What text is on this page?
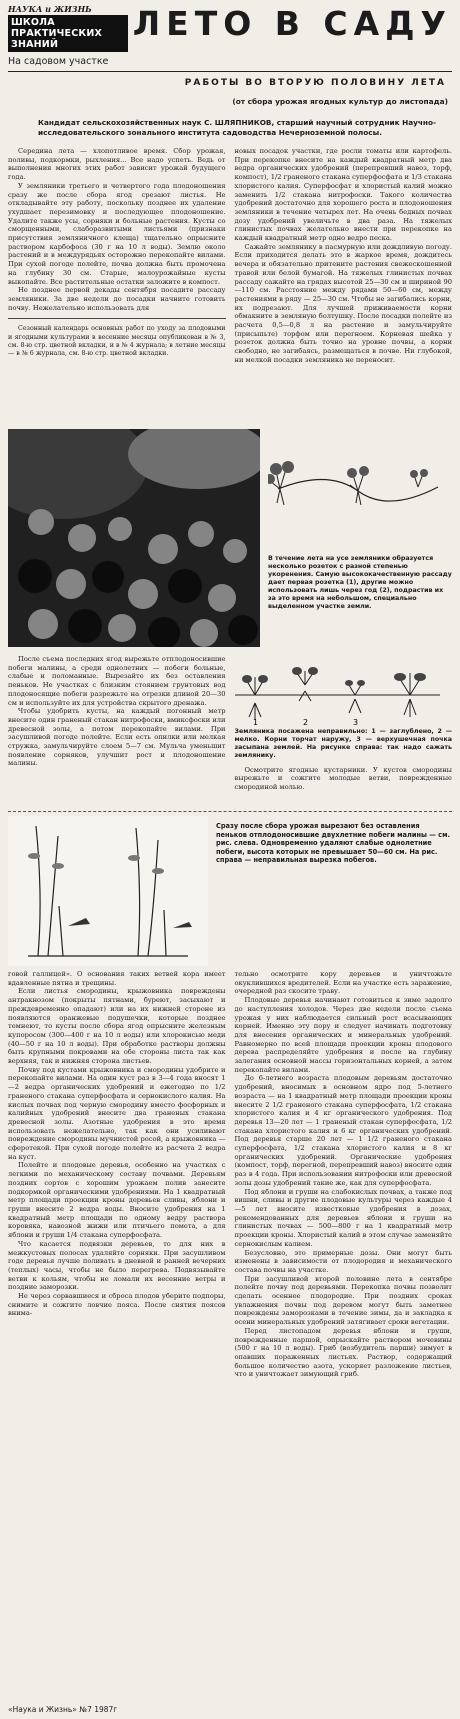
НАУКА и ЖИЗНЬ
ШКОЛА ПРАКТИЧЕСКИХ ЗНАНИЙ
На садовом участке
ЛЕТО В САДУ
РАБОТЫ ВО ВТОРУЮ ПОЛОВИНУ ЛЕТА
(от сбора урожая ягодных культур до листопада)
Кандидат сельскохозяйственных наук С. ШЛЯПНИКОВ, старший научный сотрудник Научно-исследовательского зонального института садоводства Нечерноземной полосы.

Середина лета — хлопотливое время. Сбор урожая, поливы, подкормки, рыхления... Все надо успеть. Ведь от выполнения многих этих работ зависит урожай будущего года.

У земляники третьего и четвертого года плодоношения сразу же после сбора ягод срезают листья. Не откладывайте эту работу, поскольку позднее их удаление ухудшает перезимовку и последующее плодоношение. Удалите также усы, сорняки и больные растения. Кусты со сморщенными, слаборазвитыми листьями (признаки присутствия земляничного клеща) тщательно опрысните раствором карбофоса (30 г на 10 л воды). Землю около растений и в междурядьях осторожно перекопайте вилами. При сухой погоде полейте, почва должна быть промочена на глубину 30 см. Старые, малоурожайные кусты выкопайте. Все растительные остатки заложите в компост.

Не позднее первой декады сентября посадите рассаду земляники. За две недели до посадки начните готовить почву. Нежелательно использовать для

Сезонный календарь основных работ по уходу за плодовыми и ягодными культурами в весенние месяцы опубликован в № 3, см. 8-ю стр. цветной вкладки, и в № 4 журнала; в летние месяцы — в № 6 журнала, см. 8-ю стр. цветной вкладки.

новых посадок участки, где росли томаты или картофель. При перекопке внесите на каждый квадратный метр два ведра органических удобрений (перепревший навоз, торф, компост), 1/2 граненого стакана суперфосфата и 1/3 стакана хлористого калия. Суперфосфат и хлористый калий можно заменить 1/2 стакана нитрофоски. Такого количества удобрений достаточно для хорошего роста и плодоношения земляники в течение четырех лет. На очень бедных почвах дозу удобрений увеличьте в два раза. На тяжелых глинистых почвах желательно внести при перекопке на каждый квадратный метр одно ведро песка.

Сажайте землянику в пасмурную или дождливую погоду. Если приходится делать это в жаркое время, дождитесь вечера и обязательно притените растения свежескошенной травой или белой бумагой. На тяжелых глинистых почвах рассаду сажайте на грядах высотой 25—30 см и шириной 90—110 см. Расстояние между рядами 50—60 см, между растениями в ряду — 25—30 см. Чтобы не загибались корни, их подрезают. Для лучшей приживаемости корни обмакните в земляную болтушку. После посадки полейте из расчета 0,5—0,8 л на растение и замульчируйте (присыпьте) торфом или перегноем. Корневая шейка у розеток должна быть точно на уровне почвы, а корни свободно, не загибаясь, размещаться в почве. Ни глубокой, ни мелкой посадки земляника не переносит.

В течение лета на усе земляники образуется несколько розеток с разной степенью укоренения. Самую высококачественную рассаду дает первая розетка (1), другие можно использовать лишь через год (2), подрастив их за это время на небольшом, специально выделенном участке земли.

После съема последних ягод вырежьте отплодоносившие побеги малины, а среди однолетних — побеги больные, слабые и поломанные. Вырезайте их без оставления пеньков. Не участках с близким стоянием грунтовых вод плодоносящие побеги разрежьте на отрезки длиной 20—30 см и используйте их для устройства скрытого дренажа.

Чтобы удобрить кусты, на каждый погонный метр внесите один граненый стакан нитрофоски, вмиксфоски или древесной золы, а потом перекопайте вилами. При засушливой погоде полейте. Если есть опилки или мелкая стружка, замульчируйте слоем 5—7 см. Мульча уменьшит появление сорняков, улучшит рост и плодоношение малины.

1	2	3
Земляника посажена неправильно: 1 — заглублено, 2 — мелко. Корни торчат наружу, 3 — верхушечная почка засыпана землей. На рисунке справа: так надо сажать землянику.

Осмотрите ягодные кустарники. У кустов смородины вырежьте и сожгите молодые ветви, поврежденные смородиной молью.

Сразу после сбора урожая вырезают без оставления пеньков отплодоносившие двухлетние побеги малины — см. рис. слева. Одновременно удаляют слабые однолетние побеги, высота которых не превышает 50—60 см. На рис. справа — неправильная вырезка побегов.

говой галлицей». О основания таких ветвей кора имеет вдавленные пятна и трещины.

Если листья смородины, крыжовника повреждены антракнозом (покрыты пятнами, буреют, засыхают и преждевременно опадают) или на их нижней стороне из появляются оранжевые подушечки, которые позднее темнеют, то кусты после сбора ягод опрысните железным купоросом (300—400 г на 10 л воды) или хлорокисью меди (40—50 г на 10 л воды). При обработке растворы должны быть крупными покровами на обе стороны листа так как верхняя, так и нижняя сторона листьев.

Почву под кустами крыжовника и смородины удобрите и перекопайте вилами. На один куст раз в 3—4 года вносят 1—2 ведра органических удобрений и ежегодно по 1/2 граненого стакана суперфосфата и сернокислого калия. На кислых почвах под черную смородину вместо фосфорных и калийных удобрений внесите два граненых стакана древесной золы. Азотные удобрения в это время использовать нежелательно, так как они усиливают повреждение смородины мучнистой росой, а крыжовника — сферотекой. При сухой погоде полейте из расчета 2 ведра на куст.

Полейте и плодовые деревья, особенно на участках с легкими по механическому составу почвами. Деревьям поздних сортов с хорошим урожаем полив занесите подкормкой органическими удобрениями. На 1 квадратный метр площади проекции кроны деревьев сливы, яблони и груши внесите 2 ведра воды. Вносите удобрения на 1 квадратный метр площади по одному ведру раствора коровяка, навозной жижи или птичьего помета, а для яблони и груши 1/4 стакана суперфосфата.

Что касается подвязки деревьев, то для них в межкустовых полосах удаляйте сорняки. При засушливом годе деревья лучше поливать в дневной и ранней вечерних (теплых) часы, чтобы не было перегрева. Подвязывайте ветви к кольям, чтобы не ломали их весенние ветры и поздние заморозки.

Не через сорвавшиеся и сброса плодов уберите подпоры, снимите и сожгите ловчие пояса. После снятия поясов внима-

тельно осмотрите кору деревьев и уничтожьте окуклившихся вредителей. Если на участке есть заражение, очередной раз скосите траву.

Плодовые деревья начинают готовиться к зиме задолго до наступления холодов. Через две недели после съема урожая у них наблюдается сильный рост всасывающих корней. Именно эту пору и следует начинать подготовку для внесения органических и минеральных удобрений. Равномерно по всей площади проекции кроны плодового дерева распределяйте удобрения и после на глубину залегания основной массы горизонтальных корней, а затем перекопайте вилами.

До 6-летнего возраста плодовым деревьям достаточно удобрений, вносимых в основном ядро под 5-летнего возраста — на 1 квадратный метр площади проекции кроны внесите 2 1/2 граненого стакана суперфосфата, 1/2 стакана хлористого калия и 4 кг органического удобрения. Под деревья 13—20 лет — 1 граненый стакан суперфосфата, 1/2 стакана хлористого калия и 6 кг органических удобрений. Под деревья старше 20 лет — 1 1/2 граненого стакана суперфосфата, 1/2 стакана хлористого калия и 8 кг органических удобрений. Органические удобрения (компост, торф, перегной, перепревший навоз) вносите один раз в 4 года. При использовании нитрофоски или древесной золы дозы удобрений такие же, как для суперфосфата.

Под яблони и груши на слабокислых почвах, а также под вишни, сливы и другие плодовые культуры через каждые 4—5 лет вносите известковые удобрения в дозах, рекомендованных для деревьев яблони и груши на глинистых почвах — 500—800 г на 1 квадратный метр проекции кроны. Хлористый калий в этом случае заменяйте сернокислым калием.

Безусловно, это примерные дозы. Они могут быть изменены в зависимости от плодородия и механического состава почвы на участке.

При засушливой второй половине лета в сентябре полейте почву под деревьями. Перекопка почвы позволит сделать осеннее плодородие. При поздних сроках увлажнения почвы под деревом могут быть заметнее повреждены заморозками в течение зимы, да и закладка к осени минеральных удобрений затягивает сроки вегетации.

Перед листопадом деревья яблони и груши, поврежденные паршой, опрыскайте раствором мочевины (500 г на 10 л воды). Гриб (возбудитель парши) зимует в опавших пораженных листьях. Раствор, содержащий большое количество азота, ускоряет разложение листьев, что и уничтожает зимующий гриб.

«Наука и Жизнь» №7 1987г
